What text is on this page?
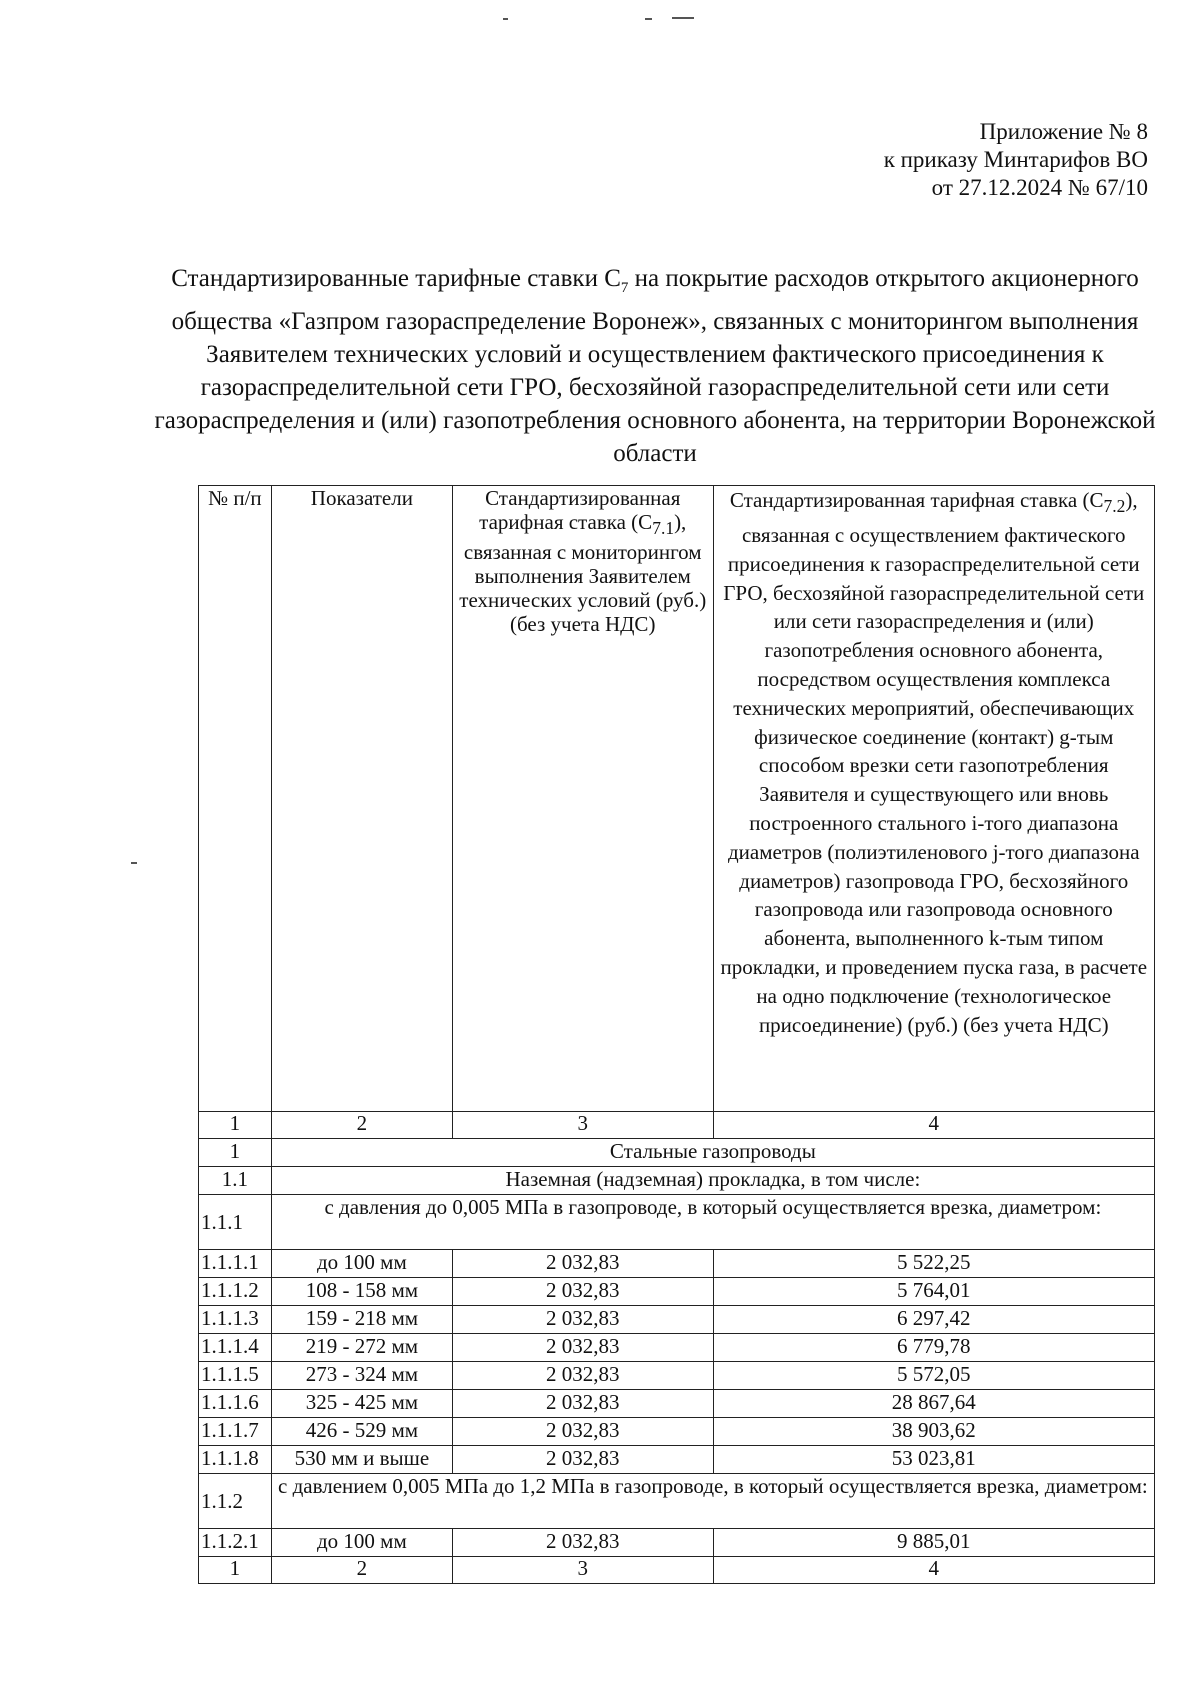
Приложение № 8
к приказу Минтарифов ВО
от 27.12.2024 № 67/10
Стандартизированные тарифные ставки $С_7$ на покрытие расходов открытого акционерного общества «Газпром газораспределение Воронеж», связанных с мониторингом выполнения Заявителем технических условий и осуществлением фактического присоединения к газораспределительной сети ГРО, бесхозяйной газораспределительной сети или сети газораспределения и (или) газопотребления основного абонента, на территории Воронежской области
№ п/п	Показатели	Стандартизированная тарифная ставка $(С_{7.1})$, связанная с мониторингом выполнения Заявителем технических условий (руб.) (без учета НДС)	Стандартизированная тарифная ставка $(С_{7.2})$, связанная с осуществлением фактического присоединения к газораспределительной сети ГРО, бесхозяйной газораспределительной сети или сети газораспределения и (или) газопотребления основного абонента, посредством осуществления комплекса технических мероприятий, обеспечивающих физическое соединение (контакт) g-тым способом врезки сети газопотребления Заявителя и существующего или вновь построенного стального i-того диапазона диаметров (полиэтиленового j-того диапазона диаметров) газопровода ГРО, бесхозяйного газопровода или газопровода основного абонента, выполненного k-тым типом прокладки, и проведением пуска газа, в расчете на одно подключение (технологическое присоединение) (руб.) (без учета НДС)
1	2	3	4
1	Стальные газопроводы		
1.1	Наземная (надземная) прокладка, в том числе:		
1.1.1	с давления до 0,005 МПа в газопроводе, в который осуществляется врезка, диаметром:		
1.1.1.1	до 100 мм	2 032,83	5 522,25
1.1.1.2	108 - 158 мм	2 032,83	5 764,01
1.1.1.3	159 - 218 мм	2 032,83	6 297,42
1.1.1.4	219 - 272 мм	2 032,83	6 779,78
1.1.1.5	273 - 324 мм	2 032,83	5 572,05
1.1.1.6	325 - 425 мм	2 032,83	28 867,64
1.1.1.7	426 - 529 мм	2 032,83	38 903,62
1.1.1.8	530 мм и выше	2 032,83	53 023,81
1.1.2	с давлением 0,005 МПа до 1,2 МПа в газопроводе, в который осуществляется врезка, диаметром:		
1.1.2.1	до 100 мм	2 032,83	9 885,01
1	2	3	4
